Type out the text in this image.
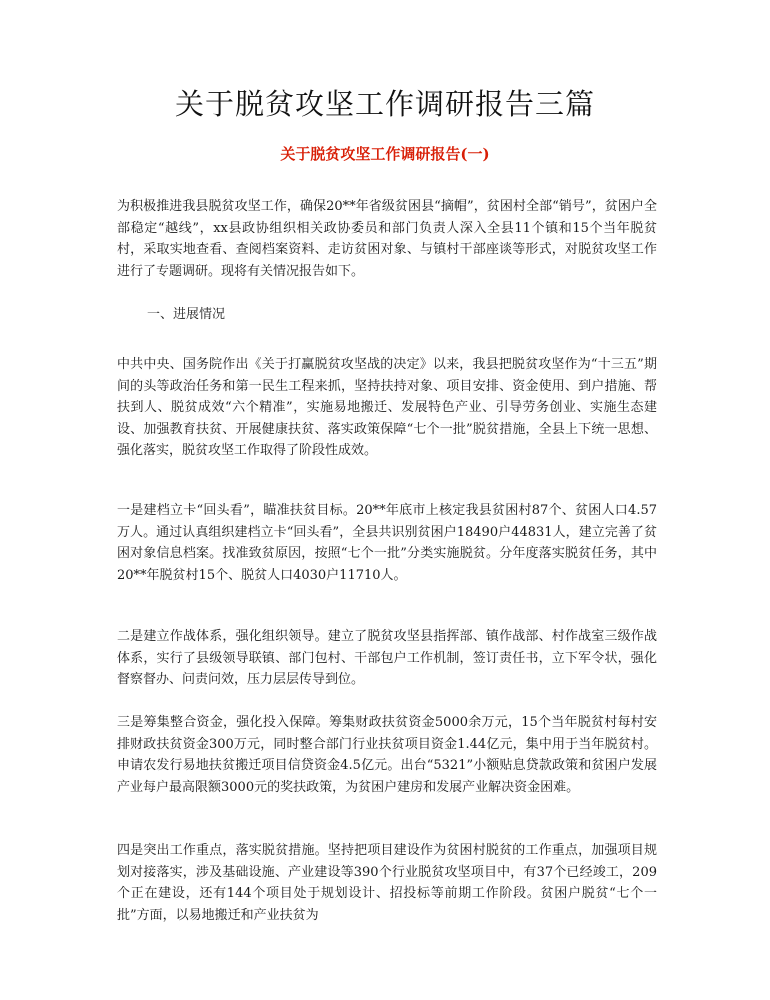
关于脱贫攻坚工作调研报告三篇
关于脱贫攻坚工作调研报告(一)

为积极推进我县脱贫攻坚工作，确保20**年省级贫困县“摘帽”，贫困村全部“销号”，贫困户全部稳定“越线”，xx县政协组织相关政协委员和部门负责人深入全县11个镇和15个当年脱贫村，采取实地查看、查阅档案资料、走访贫困对象、与镇村干部座谈等形式，对脱贫攻坚工作进行了专题调研。现将有关情况报告如下。

一、进展情况

中共中央、国务院作出《关于打赢脱贫攻坚战的决定》以来，我县把脱贫攻坚作为“十三五”期间的头等政治任务和第一民生工程来抓，坚持扶持对象、项目安排、资金使用、到户措施、帮扶到人、脱贫成效“六个精准”，实施易地搬迁、发展特色产业、引导劳务创业、实施生态建设、加强教育扶贫、开展健康扶贫、落实政策保障“七个一批”脱贫措施，全县上下统一思想、强化落实，脱贫攻坚工作取得了阶段性成效。

一是建档立卡“回头看”，瞄准扶贫目标。20**年底市上核定我县贫困村87个、贫困人口4.57万人。通过认真组织建档立卡“回头看”，全县共识别贫困户18490户44831人，建立完善了贫困对象信息档案。找准致贫原因，按照“七个一批”分类实施脱贫。分年度落实脱贫任务，其中20**年脱贫村15个、脱贫人口4030户11710人。

二是建立作战体系，强化组织领导。建立了脱贫攻坚县指挥部、镇作战部、村作战室三级作战体系，实行了县级领导联镇、部门包村、干部包户工作机制，签订责任书，立下军令状，强化督察督办、问责问效，压力层层传导到位。

三是筹集整合资金，强化投入保障。筹集财政扶贫资金5000余万元，15个当年脱贫村每村安排财政扶贫资金300万元，同时整合部门行业扶贫项目资金1.44亿元，集中用于当年脱贫村。申请农发行易地扶贫搬迁项目信贷资金4.5亿元。出台“5321”小额贴息贷款政策和贫困户发展产业每户最高限额3000元的奖扶政策，为贫困户建房和发展产业解决资金困难。

四是突出工作重点，落实脱贫措施。坚持把项目建设作为贫困村脱贫的工作重点，加强项目规划对接落实，涉及基础设施、产业建设等390个行业脱贫攻坚项目中，有37个已经竣工，209个正在建设，还有144个项目处于规划设计、招投标等前期工作阶段。贫困户脱贫“七个一批”方面，以易地搬迁和产业扶贫为
